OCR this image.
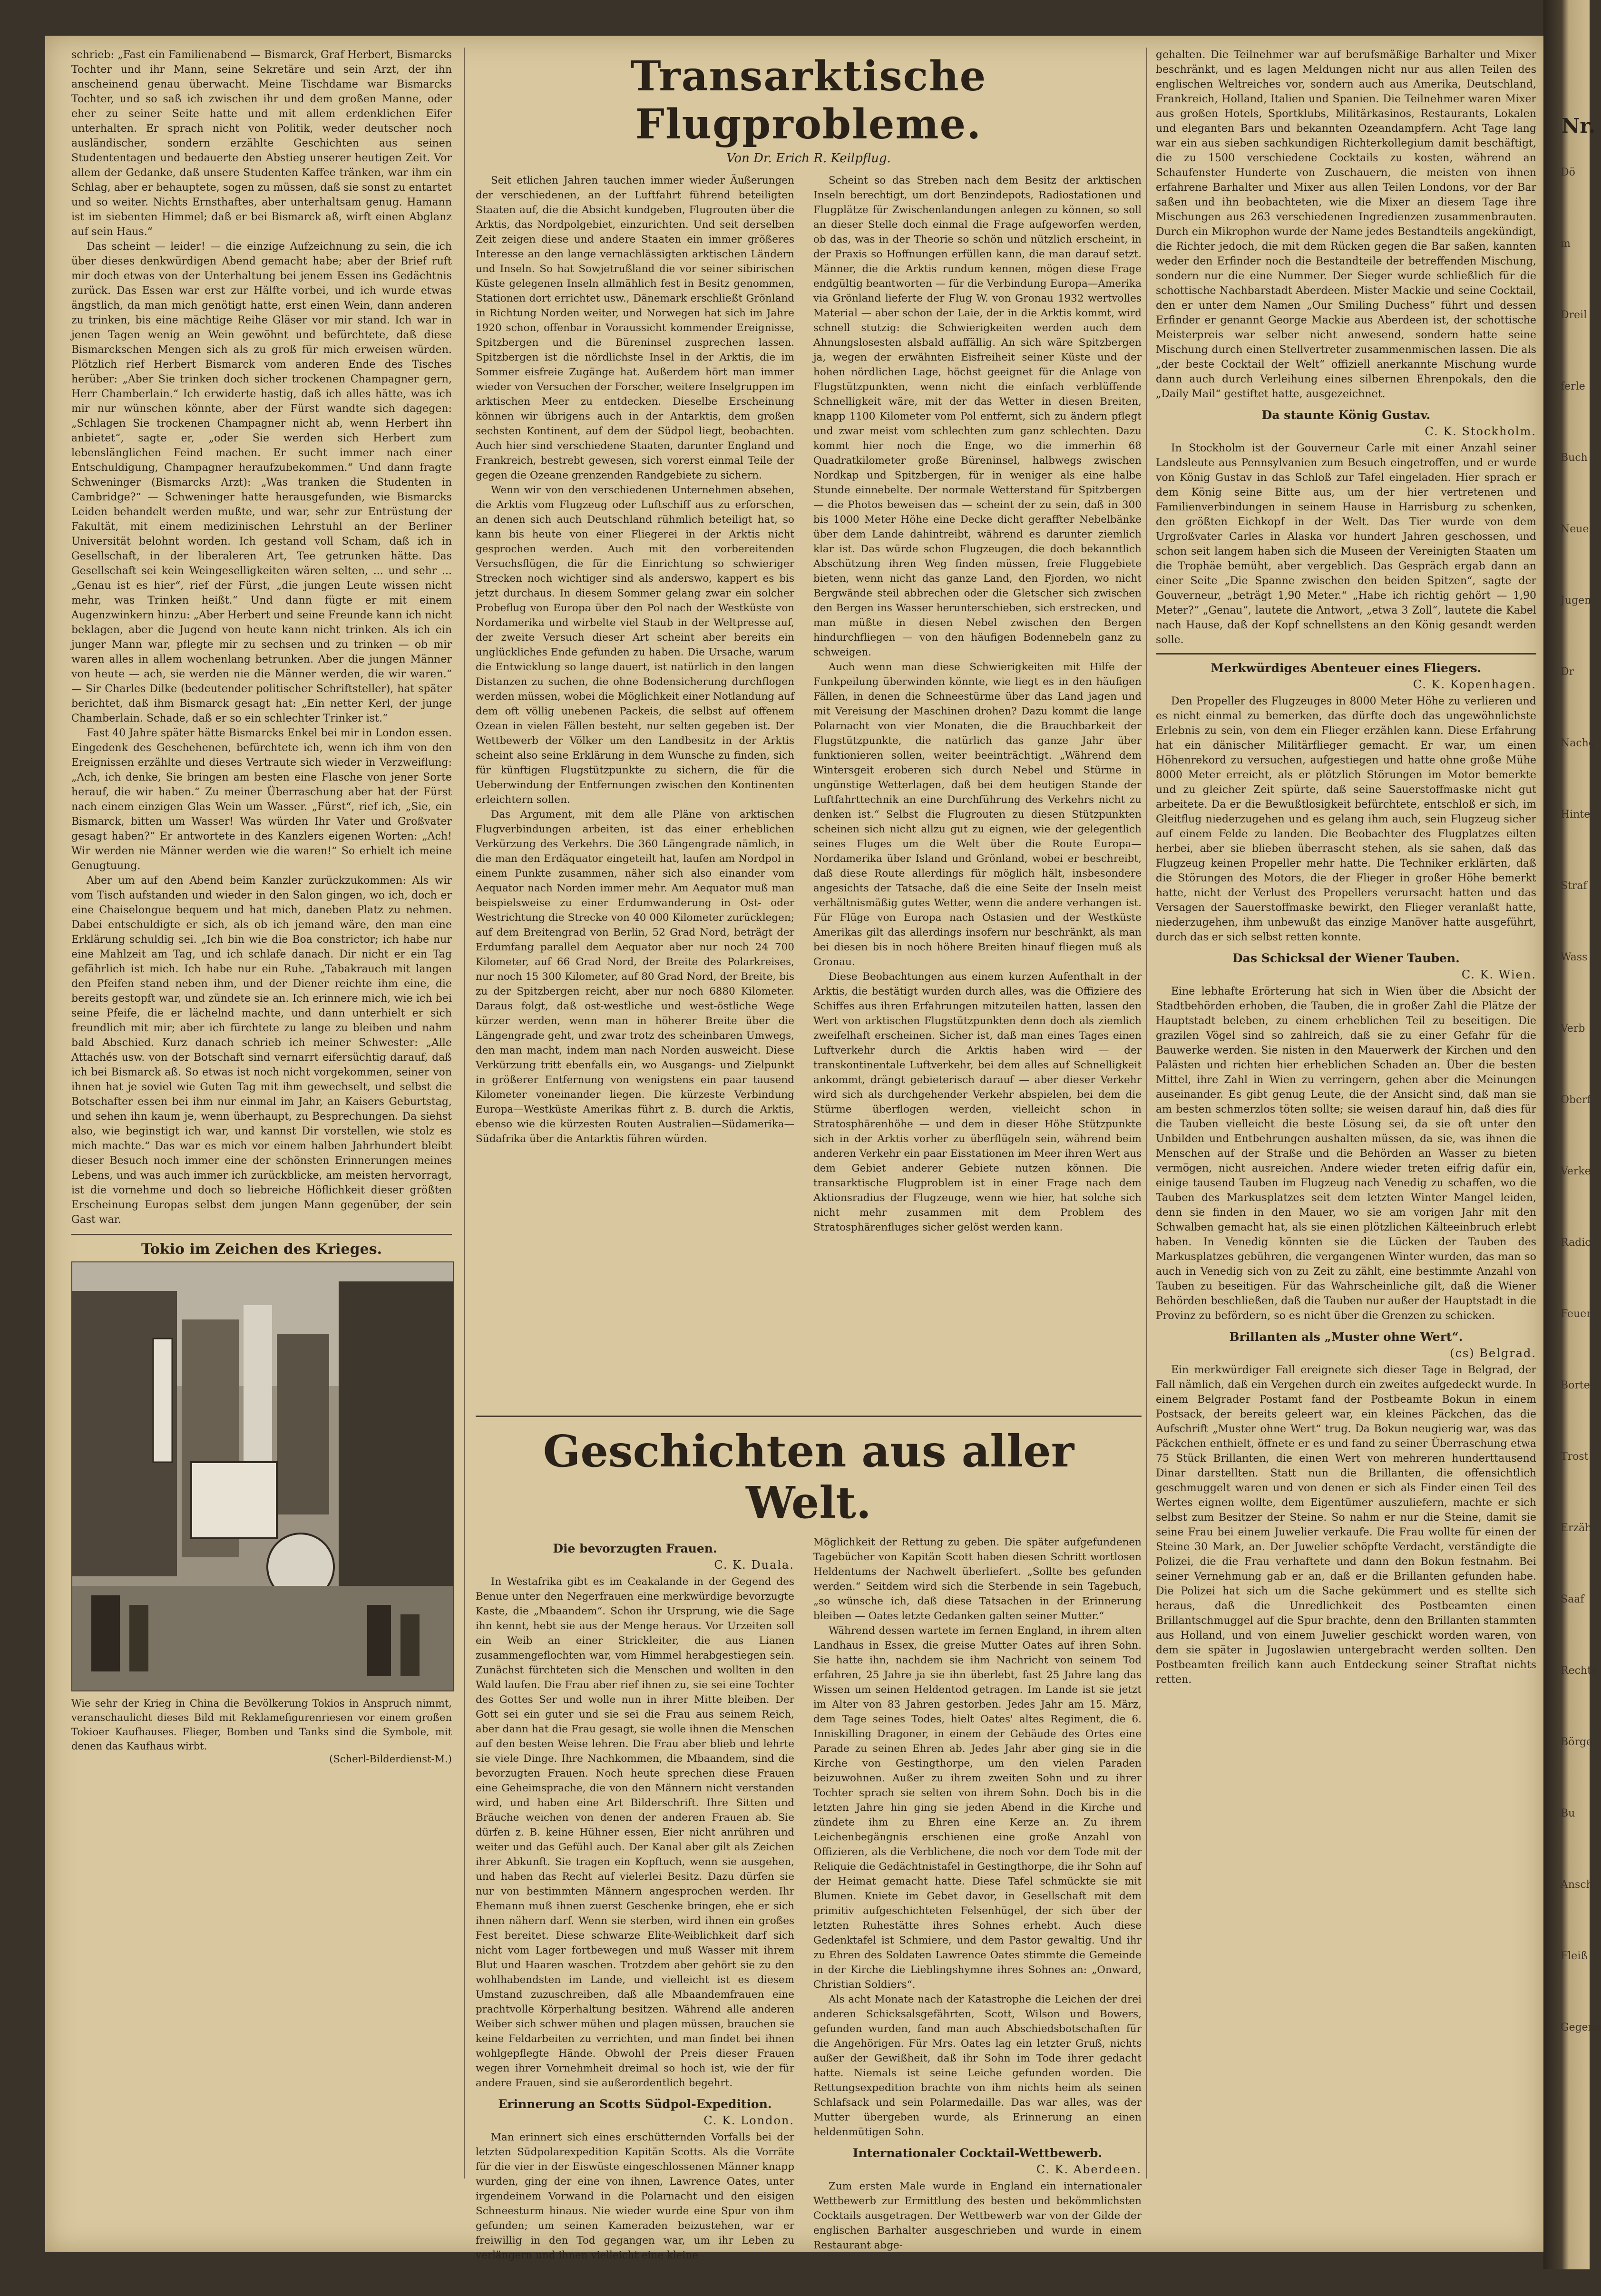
Nr.
Dö
m
Dreil
ferle
Buch
Neue
Jugen
Dr
Nachg
Hinte
Straf
Wass
Verb
Oberf
Verke
Radio
Feuer
Borte
Trost
Erzäh
Saaf
Rechts
Börge
Bu
Ansch
Fleiß
Gegene

schrieb: „Fast ein Familienabend — Bismarck, Graf Herbert, Bismarcks Tochter und ihr Mann, seine Sekretäre und sein Arzt, der ihn anscheinend genau überwacht. Meine Tischdame war Bismarcks Tochter, und so saß ich zwischen ihr und dem großen Manne, oder eher zu seiner Seite hatte und mit allem erdenklichen Eifer unterhalten. Er sprach nicht von Politik, weder deutscher noch ausländischer, sondern erzählte Geschichten aus seinen Studententagen und bedauerte den Abstieg unserer heutigen Zeit. Vor allem der Gedanke, daß unsere Studenten Kaffee tränken, war ihm ein Schlag, aber er behauptete, sogen zu müssen, daß sie sonst zu entartet und so weiter. Nichts Ernsthaftes, aber unterhaltsam genug. Hamann ist im siebenten Himmel; daß er bei Bismarck aß, wirft einen Abglanz auf sein Haus.“

Das scheint — leider! — die einzige Aufzeichnung zu sein, die ich über dieses denkwürdigen Abend gemacht habe; aber der Brief ruft mir doch etwas von der Unterhaltung bei jenem Essen ins Gedächtnis zurück. Das Essen war erst zur Hälfte vorbei, und ich wurde etwas ängstlich, da man mich genötigt hatte, erst einen Wein, dann anderen zu trinken, bis eine mächtige Reihe Gläser vor mir stand. Ich war in jenen Tagen wenig an Wein gewöhnt und befürchtete, daß diese Bismarckschen Mengen sich als zu groß für mich erweisen würden. Plötzlich rief Herbert Bismarck vom anderen Ende des Tisches herüber: „Aber Sie trinken doch sicher trockenen Champagner gern, Herr Chamberlain.“ Ich erwiderte hastig, daß ich alles hätte, was ich mir nur wünschen könnte, aber der Fürst wandte sich dagegen: „Schlagen Sie trockenen Champagner nicht ab, wenn Herbert ihn anbietet“, sagte er, „oder Sie werden sich Herbert zum lebenslänglichen Feind machen. Er sucht immer nach einer Entschuldigung, Champagner heraufzubekommen.“ Und dann fragte Schweninger (Bismarcks Arzt): „Was tranken die Studenten in Cambridge?“ — Schweninger hatte herausgefunden, wie Bismarcks Leiden behandelt werden mußte, und war, sehr zur Entrüstung der Fakultät, mit einem medizinischen Lehrstuhl an der Berliner Universität belohnt worden. Ich gestand voll Scham, daß ich in Gesellschaft, in der liberaleren Art, Tee getrunken hätte. Das Gesellschaft sei kein Weingeselligkeiten wären selten, ... und sehr ... „Genau ist es hier“, rief der Fürst, „die jungen Leute wissen nicht mehr, was Trinken heißt.“ Und dann fügte er mit einem Augenzwinkern hinzu: „Aber Herbert und seine Freunde kann ich nicht beklagen, aber die Jugend von heute kann nicht trinken. Als ich ein junger Mann war, pflegte mir zu sechsen und zu trinken — ob mir waren alles in allem wochenlang betrunken. Aber die jungen Männer von heute — ach, sie werden nie die Männer werden, die wir waren.“ — Sir Charles Dilke (bedeutender politischer Schriftsteller), hat später berichtet, daß ihm Bismarck gesagt hat: „Ein netter Kerl, der junge Chamberlain. Schade, daß er so ein schlechter Trinker ist.“

Fast 40 Jahre später hätte Bismarcks Enkel bei mir in London essen. Eingedenk des Geschehenen, befürchtete ich, wenn ich ihm von den Ereignissen erzählte und dieses Vertraute sich wieder in Verzweiflung: „Ach, ich denke, Sie bringen am besten eine Flasche von jener Sorte herauf, die wir haben.“ Zu meiner Überraschung aber hat der Fürst nach einem einzigen Glas Wein um Wasser. „Fürst“, rief ich, „Sie, ein Bismarck, bitten um Wasser! Was würden Ihr Vater und Großvater gesagt haben?“ Er antwortete in des Kanzlers eigenen Worten: „Ach! Wir werden nie Männer werden wie die waren!“ So erhielt ich meine Genugtuung.

Aber um auf den Abend beim Kanzler zurückzukommen: Als wir vom Tisch aufstanden und wieder in den Salon gingen, wo ich, doch er eine Chaiselongue bequem und hat mich, daneben Platz zu nehmen. Dabei entschuldigte er sich, als ob ich jemand wäre, den man eine Erklärung schuldig sei. „Ich bin wie die Boa constrictor; ich habe nur eine Mahlzeit am Tag, und ich schlafe danach. Dir nicht er ein Tag gefährlich ist mich. Ich habe nur ein Ruhe. „Tabakrauch mit langen den Pfeifen stand neben ihm, und der Diener reichte ihm eine, die bereits gestopft war, und zündete sie an. Ich erinnere mich, wie ich bei seine Pfeife, die er lächelnd machte, und dann unterhielt er sich freundlich mit mir; aber ich fürchtete zu lange zu bleiben und nahm bald Abschied. Kurz danach schrieb ich meiner Schwester: „Alle Attachés usw. von der Botschaft sind vernarrt eifersüchtig darauf, daß ich bei Bismarck aß. So etwas ist noch nicht vorgekommen, seiner von ihnen hat je soviel wie Guten Tag mit ihm gewechselt, und selbst die Botschafter essen bei ihm nur einmal im Jahr, an Kaisers Geburtstag, und sehen ihn kaum je, wenn überhaupt, zu Besprechungen. Da siehst also, wie beginstigt ich war, und kannst Dir vorstellen, wie stolz es mich machte.“ Das war es mich vor einem halben Jahrhundert bleibt dieser Besuch noch immer eine der schönsten Erinnerungen meines Lebens, und was auch immer ich zurückblicke, am meisten hervorragt, ist die vornehme und doch so liebreiche Höflichkeit dieser größten Erscheinung Europas selbst dem jungen Mann gegenüber, der sein Gast war.

Tokio im Zeichen des Krieges.
Wie sehr der Krieg in China die Bevölkerung Tokios in Anspruch nimmt, veranschaulicht dieses Bild mit Reklamefigurenriesen vor einem großen Tokioer Kaufhauses. Flieger, Bomben und Tanks sind die Symbole, mit denen das Kaufhaus wirbt.
(Scherl-Bilderdienst-M.)
Transarktische Flugprobleme.
Von Dr. Erich R. Keilpflug.

Seit etlichen Jahren tauchen immer wieder Äußerungen der verschiedenen, an der Luftfahrt führend beteiligten Staaten auf, die die Absicht kundgeben, Flugrouten über die Arktis, das Nordpolgebiet, einzurichten. Und seit derselben Zeit zeigen diese und andere Staaten ein immer größeres Interesse an den lange vernachlässigten arktischen Ländern und Inseln. So hat Sowjetrußland die vor seiner sibirischen Küste gelegenen Inseln allmählich fest in Besitz genommen, Stationen dort errichtet usw., Dänemark erschließt Grönland in Richtung Norden weiter, und Norwegen hat sich im Jahre 1920 schon, offenbar in Voraussicht kommender Ereignisse, Spitzbergen und die Büreninsel zusprechen lassen. Spitzbergen ist die nördlichste Insel in der Arktis, die im Sommer eisfreie Zugänge hat. Außerdem hört man immer wieder von Versuchen der Forscher, weitere Inselgruppen im arktischen Meer zu entdecken. Dieselbe Erscheinung können wir übrigens auch in der Antarktis, dem großen sechsten Kontinent, auf dem der Südpol liegt, beobachten. Auch hier sind verschiedene Staaten, darunter England und Frankreich, bestrebt gewesen, sich vorerst einmal Teile der gegen die Ozeane grenzenden Randgebiete zu sichern.

Wenn wir von den verschiedenen Unternehmen absehen, die Arktis vom Flugzeug oder Luftschiff aus zu erforschen, an denen sich auch Deutschland rühmlich beteiligt hat, so kann bis heute von einer Fliegerei in der Arktis nicht gesprochen werden. Auch mit den vorbereitenden Versuchsflügen, die für die Einrichtung so schwieriger Strecken noch wichtiger sind als anderswo, kappert es bis jetzt durchaus. In diesem Sommer gelang zwar ein solcher Probeflug von Europa über den Pol nach der Westküste von Nordamerika und wirbelte viel Staub in der Weltpresse auf, der zweite Versuch dieser Art scheint aber bereits ein unglückliches Ende gefunden zu haben. Die Ursache, warum die Entwicklung so lange dauert, ist natürlich in den langen Distanzen zu suchen, die ohne Bodensicherung durchflogen werden müssen, wobei die Möglichkeit einer Notlandung auf dem oft völlig unebenen Packeis, die selbst auf offenem Ozean in vielen Fällen besteht, nur selten gegeben ist. Der Wettbewerb der Völker um den Landbesitz in der Arktis scheint also seine Erklärung in dem Wunsche zu finden, sich für künftigen Flugstützpunkte zu sichern, die für die Ueberwindung der Entfernungen zwischen den Kontinenten erleichtern sollen.

Das Argument, mit dem alle Pläne von arktischen Flugverbindungen arbeiten, ist das einer erheblichen Verkürzung des Verkehrs. Die 360 Längengrade nämlich, in die man den Erdäquator eingeteilt hat, laufen am Nordpol in einem Punkte zusammen, näher sich also einander vom Aequator nach Norden immer mehr. Am Aequator muß man beispielsweise zu einer Erdumwanderung in Ost- oder Westrichtung die Strecke von 40 000 Kilometer zurücklegen; auf dem Breitengrad von Berlin, 52 Grad Nord, beträgt der Erdumfang parallel dem Aequator aber nur noch 24 700 Kilometer, auf 66 Grad Nord, der Breite des Polarkreises, nur noch 15 300 Kilometer, auf 80 Grad Nord, der Breite, bis zu der Spitzbergen reicht, aber nur noch 6880 Kilometer. Daraus folgt, daß ost-westliche und west-östliche Wege kürzer werden, wenn man in höherer Breite über die Längengrade geht, und zwar trotz des scheinbaren Umwegs, den man macht, indem man nach Norden ausweicht. Diese Verkürzung tritt ebenfalls ein, wo Ausgangs- und Zielpunkt in größerer Entfernung von wenigstens ein paar tausend Kilometer voneinander liegen. Die kürzeste Verbindung Europa—Westküste Amerikas führt z. B. durch die Arktis, ebenso wie die kürzesten Routen Australien—Südamerika—Südafrika über die Antarktis führen würden.

Scheint so das Streben nach dem Besitz der arktischen Inseln berechtigt, um dort Benzindepots, Radiostationen und Flugplätze für Zwischenlandungen anlegen zu können, so soll an dieser Stelle doch einmal die Frage aufgeworfen werden, ob das, was in der Theorie so schön und nützlich erscheint, in der Praxis so Hoffnungen erfüllen kann, die man darauf setzt. Männer, die die Arktis rundum kennen, mögen diese Frage endgültig beantworten — für die Verbindung Europa—Amerika via Grönland lieferte der Flug W. von Gronau 1932 wertvolles Material — aber schon der Laie, der in die Arktis kommt, wird schnell stutzig: die Schwierigkeiten werden auch dem Ahnungslosesten alsbald auffällig. An sich wäre Spitzbergen ja, wegen der erwähnten Eisfreiheit seiner Küste und der hohen nördlichen Lage, höchst geeignet für die Anlage von Flugstützpunkten, wenn nicht die einfach verblüffende Schnelligkeit wäre, mit der das Wetter in diesen Breiten, knapp 1100 Kilometer vom Pol entfernt, sich zu ändern pflegt und zwar meist vom schlechten zum ganz schlechten. Dazu kommt hier noch die Enge, wo die immerhin 68 Quadratkilometer große Büreninsel, halbwegs zwischen Nordkap und Spitzbergen, für in weniger als eine halbe Stunde einnebelte. Der normale Wetterstand für Spitzbergen — die Photos beweisen das — scheint der zu sein, daß in 300 bis 1000 Meter Höhe eine Decke dicht geraffter Nebelbänke über dem Lande dahintreibt, während es darunter ziemlich klar ist. Das würde schon Flugzeugen, die doch bekanntlich Abschützung ihren Weg finden müssen, freie Fluggebiete bieten, wenn nicht das ganze Land, den Fjorden, wo nicht Bergwände steil abbrechen oder die Gletscher sich zwischen den Bergen ins Wasser herunterschieben, sich erstrecken, und man müßte in diesen Nebel zwischen den Bergen hindurchfliegen — von den häufigen Bodennebeln ganz zu schweigen.

Auch wenn man diese Schwierigkeiten mit Hilfe der Funkpeilung überwinden könnte, wie liegt es in den häufigen Fällen, in denen die Schneestürme über das Land jagen und mit Vereisung der Maschinen drohen? Dazu kommt die lange Polarnacht von vier Monaten, die die Brauchbarkeit der Flugstützpunkte, die natürlich das ganze Jahr über funktionieren sollen, weiter beeinträchtigt. „Während dem Wintersgeit eroberen sich durch Nebel und Stürme in ungünstige Wetterlagen, daß bei dem heutigen Stande der Luftfahrttechnik an eine Durchführung des Verkehrs nicht zu denken ist.“ Selbst die Flugrouten zu diesen Stützpunkten scheinen sich nicht allzu gut zu eignen, wie der gelegentlich seines Fluges um die Welt über die Route Europa—Nordamerika über Island und Grönland, wobei er beschreibt, daß diese Route allerdings für möglich hält, insbesondere angesichts der Tatsache, daß die eine Seite der Inseln meist verhältnismäßig gutes Wetter, wenn die andere verhangen ist. Für Flüge von Europa nach Ostasien und der Westküste Amerikas gilt das allerdings insofern nur beschränkt, als man bei diesen bis in noch höhere Breiten hinauf fliegen muß als Gronau.

Diese Beobachtungen aus einem kurzen Aufenthalt in der Arktis, die bestätigt wurden durch alles, was die Offiziere des Schiffes aus ihren Erfahrungen mitzuteilen hatten, lassen den Wert von arktischen Flugstützpunkten denn doch als ziemlich zweifelhaft erscheinen. Sicher ist, daß man eines Tages einen Luftverkehr durch die Arktis haben wird — der transkontinentale Luftverkehr, bei dem alles auf Schnelligkeit ankommt, drängt gebieterisch darauf — aber dieser Verkehr wird sich als durchgehender Verkehr abspielen, bei dem die Stürme überflogen werden, vielleicht schon in Stratosphärenhöhe — und dem in dieser Höhe Stützpunkte sich in der Arktis vorher zu überflügeln sein, während beim anderen Verkehr ein paar Eisstationen im Meer ihren Wert aus dem Gebiet anderer Gebiete nutzen können. Die transarktische Flugproblem ist in einer Frage nach dem Aktionsradius der Flugzeuge, wenn wie hier, hat solche sich nicht mehr zusammen mit dem Problem des Stratosphärenfluges sicher gelöst werden kann.

Geschichten aus aller Welt.
Die bevorzugten Frauen.
C. K. Duala.

In Westafrika gibt es im Ceakalande in der Gegend des Benue unter den Negerfrauen eine merkwürdige bevorzugte Kaste, die „Mbaandem“. Schon ihr Ursprung, wie die Sage ihn kennt, hebt sie aus der Menge heraus. Vor Urzeiten soll ein Weib an einer Strickleiter, die aus Lianen zusammengeflochten war, vom Himmel herabgestiegen sein. Zunächst fürchteten sich die Menschen und wollten in den Wald laufen. Die Frau aber rief ihnen zu, sie sei eine Tochter des Gottes Ser und wolle nun in ihrer Mitte bleiben. Der Gott sei ein guter und sie sei die Frau aus seinem Reich, aber dann hat die Frau gesagt, sie wolle ihnen die Menschen auf den besten Weise lehren. Die Frau aber blieb und lehrte sie viele Dinge. Ihre Nachkommen, die Mbaandem, sind die bevorzugten Frauen. Noch heute sprechen diese Frauen eine Geheimsprache, die von den Männern nicht verstanden wird, und haben eine Art Bilderschrift. Ihre Sitten und Bräuche weichen von denen der anderen Frauen ab. Sie dürfen z. B. keine Hühner essen, Eier nicht anrühren und weiter und das Gefühl auch. Der Kanal aber gilt als Zeichen ihrer Abkunft. Sie tragen ein Kopftuch, wenn sie ausgehen, und haben das Recht auf vielerlei Besitz. Dazu dürfen sie nur von bestimmten Männern angesprochen werden. Ihr Ehemann muß ihnen zuerst Geschenke bringen, ehe er sich ihnen nähern darf. Wenn sie sterben, wird ihnen ein großes Fest bereitet. Diese schwarze Elite-Weiblichkeit darf sich nicht vom Lager fortbewegen und muß Wasser mit ihrem Blut und Haaren waschen. Trotzdem aber gehört sie zu den wohlhabendsten im Lande, und vielleicht ist es diesem Umstand zuzuschreiben, daß alle Mbaandemfrauen eine prachtvolle Körperhaltung besitzen. Während alle anderen Weiber sich schwer mühen und plagen müssen, brauchen sie keine Feldarbeiten zu verrichten, und man findet bei ihnen wohlgepflegte Hände. Obwohl der Preis dieser Frauen wegen ihrer Vornehmheit dreimal so hoch ist, wie der für andere Frauen, sind sie außerordentlich begehrt.

Erinnerung an Scotts Südpol-Expedition.
C. K. London.

Man erinnert sich eines erschütternden Vorfalls bei der letzten Südpolarexpedition Kapitän Scotts. Als die Vorräte für die vier in der Eiswüste eingeschlossenen Männer knapp wurden, ging der eine von ihnen, Lawrence Oates, unter irgendeinem Vorwand in die Polarnacht und den eisigen Schneesturm hinaus. Nie wieder wurde eine Spur von ihm gefunden; um seinen Kameraden beizustehen, war er freiwillig in den Tod gegangen war, um ihr Leben zu verlängern und ihnen vielleicht eine kleine

Möglichkeit der Rettung zu geben. Die später aufgefundenen Tagebücher von Kapitän Scott haben diesen Schritt wortlosen Heldentums der Nachwelt überliefert. „Sollte bes gefunden werden.“ Seitdem wird sich die Sterbende in sein Tagebuch, „so wünsche ich, daß diese Tatsachen in der Erinnerung bleiben — Oates letzte Gedanken galten seiner Mutter.“

Während dessen wartete im fernen England, in ihrem alten Landhaus in Essex, die greise Mutter Oates auf ihren Sohn. Sie hatte ihn, nachdem sie ihm Nachricht von seinem Tod erfahren, 25 Jahre ja sie ihn überlebt, fast 25 Jahre lang das Wissen um seinen Heldentod getragen. Im Lande ist sie jetzt im Alter von 83 Jahren gestorben. Jedes Jahr am 15. März, dem Tage seines Todes, hielt Oates' altes Regiment, die 6. Inniskilling Dragoner, in einem der Gebäude des Ortes eine Parade zu seinen Ehren ab. Jedes Jahr aber ging sie in die Kirche von Gestingthorpe, um den vielen Paraden beizuwohnen. Außer zu ihrem zweiten Sohn und zu ihrer Tochter sprach sie selten von ihrem Sohn. Doch bis in die letzten Jahre hin ging sie jeden Abend in die Kirche und zündete ihm zu Ehren eine Kerze an. Zu ihrem Leichenbegängnis erschienen eine große Anzahl von Offizieren, als die Verblichene, die noch vor dem Tode mit der Reliquie die Gedächtnistafel in Gestingthorpe, die ihr Sohn auf der Heimat gemacht hatte. Diese Tafel schmückte sie mit Blumen. Kniete im Gebet davor, in Gesellschaft mit dem primitiv aufgeschichteten Felsenhügel, der sich über der letzten Ruhestätte ihres Sohnes erhebt. Auch diese Gedenktafel ist Schmiere, und dem Pastor gewaltig. Und ihr zu Ehren des Soldaten Lawrence Oates stimmte die Gemeinde in der Kirche die Lieblingshymne ihres Sohnes an: „Onward, Christian Soldiers“.

Als acht Monate nach der Katastrophe die Leichen der drei anderen Schicksalsgefährten, Scott, Wilson und Bowers, gefunden wurden, fand man auch Abschiedsbotschaften für die Angehörigen. Für Mrs. Oates lag ein letzter Gruß, nichts außer der Gewißheit, daß ihr Sohn im Tode ihrer gedacht hatte. Niemals ist seine Leiche gefunden worden. Die Rettungsexpedition brachte von ihm nichts heim als seinen Schlafsack und sein Polarmedaille. Das war alles, was der Mutter übergeben wurde, als Erinnerung an einen heldenmütigen Sohn.

Internationaler Cocktail-Wettbewerb.
C. K. Aberdeen.

Zum ersten Male wurde in England ein internationaler Wettbewerb zur Ermittlung des besten und bekömmlichsten Cocktails ausgetragen. Der Wettbewerb war von der Gilde der englischen Barhalter ausgeschrieben und wurde in einem Restaurant abge-

gehalten. Die Teilnehmer war auf berufsmäßige Barhalter und Mixer beschränkt, und es lagen Meldungen nicht nur aus allen Teilen des englischen Weltreiches vor, sondern auch aus Amerika, Deutschland, Frankreich, Holland, Italien und Spanien. Die Teilnehmer waren Mixer aus großen Hotels, Sportklubs, Militärkasinos, Restaurants, Lokalen und eleganten Bars und bekannten Ozeandampfern. Acht Tage lang war ein aus sieben sachkundigen Richterkollegium damit beschäftigt, die zu 1500 verschiedene Cocktails zu kosten, während an Schaufenster Hunderte von Zuschauern, die meisten von ihnen erfahrene Barhalter und Mixer aus allen Teilen Londons, vor der Bar saßen und ihn beobachteten, wie die Mixer an diesem Tage ihre Mischungen aus 263 verschiedenen Ingredienzen zusammenbrauten. Durch ein Mikrophon wurde der Name jedes Bestandteils angekündigt, die Richter jedoch, die mit dem Rücken gegen die Bar saßen, kannten weder den Erfinder noch die Bestandteile der betreffenden Mischung, sondern nur die eine Nummer. Der Sieger wurde schließlich für die schottische Nachbarstadt Aberdeen. Mister Mackie und seine Cocktail, den er unter dem Namen „Our Smiling Duchess“ führt und dessen Erfinder er genannt George Mackie aus Aberdeen ist, der schottische Meisterpreis war selber nicht anwesend, sondern hatte seine Mischung durch einen Stellvertreter zusammenmischen lassen. Die als „der beste Cocktail der Welt“ offiziell anerkannte Mischung wurde dann auch durch Verleihung eines silbernen Ehrenpokals, den die „Daily Mail“ gestiftet hatte, ausgezeichnet.

Da staunte König Gustav.
C. K. Stockholm.

In Stockholm ist der Gouverneur Carle mit einer Anzahl seiner Landsleute aus Pennsylvanien zum Besuch eingetroffen, und er wurde von König Gustav in das Schloß zur Tafel eingeladen. Hier sprach er dem König seine Bitte aus, um der hier vertretenen und Familienverbindungen in seinem Hause in Harrisburg zu schenken, den größten Eichkopf in der Welt. Das Tier wurde von dem Urgroßvater Carles in Alaska vor hundert Jahren geschossen, und schon seit langem haben sich die Museen der Vereinigten Staaten um die Trophäe bemüht, aber vergeblich. Das Gespräch ergab dann an einer Seite „Die Spanne zwischen den beiden Spitzen“, sagte der Gouverneur, „beträgt 1,90 Meter.“ „Habe ich richtig gehört — 1,90 Meter?“ „Genau“, lautete die Antwort, „etwa 3 Zoll“, lautete die Kabel nach Hause, daß der Kopf schnellstens an den König gesandt werden solle.

Merkwürdiges Abenteuer eines Fliegers.
C. K. Kopenhagen.

Den Propeller des Flugzeuges in 8000 Meter Höhe zu verlieren und es nicht einmal zu bemerken, das dürfte doch das ungewöhnlichste Erlebnis zu sein, von dem ein Flieger erzählen kann. Diese Erfahrung hat ein dänischer Militärflieger gemacht. Er war, um einen Höhenrekord zu versuchen, aufgestiegen und hatte ohne große Mühe 8000 Meter erreicht, als er plötzlich Störungen im Motor bemerkte und zu gleicher Zeit spürte, daß seine Sauerstoffmaske nicht gut arbeitete. Da er die Bewußtlosigkeit befürchtete, entschloß er sich, im Gleitflug niederzugehen und es gelang ihm auch, sein Flugzeug sicher auf einem Felde zu landen. Die Beobachter des Flugplatzes eilten herbei, aber sie blieben überrascht stehen, als sie sahen, daß das Flugzeug keinen Propeller mehr hatte. Die Techniker erklärten, daß die Störungen des Motors, die der Flieger in großer Höhe bemerkt hatte, nicht der Verlust des Propellers verursacht hatten und das Versagen der Sauerstoffmaske bewirkt, den Flieger veranlaßt hatte, niederzugehen, ihm unbewußt das einzige Manöver hatte ausgeführt, durch das er sich selbst retten konnte.

Das Schicksal der Wiener Tauben.
C. K. Wien.

Eine lebhafte Erörterung hat sich in Wien über die Absicht der Stadtbehörden erhoben, die Tauben, die in großer Zahl die Plätze der Hauptstadt beleben, zu einem erheblichen Teil zu beseitigen. Die grazilen Vögel sind so zahlreich, daß sie zu einer Gefahr für die Bauwerke werden. Sie nisten in den Mauerwerk der Kirchen und den Palästen und richten hier erheblichen Schaden an. Über die besten Mittel, ihre Zahl in Wien zu verringern, gehen aber die Meinungen auseinander. Es gibt genug Leute, die der Ansicht sind, daß man sie am besten schmerzlos töten sollte; sie weisen darauf hin, daß dies für die Tauben vielleicht die beste Lösung sei, da sie oft unter den Unbilden und Entbehrungen aushalten müssen, da sie, was ihnen die Menschen auf der Straße und die Behörden an Wasser zu bieten vermögen, nicht ausreichen. Andere wieder treten eifrig dafür ein, einige tausend Tauben im Flugzeug nach Venedig zu schaffen, wo die Tauben des Markusplatzes seit dem letzten Winter Mangel leiden, denn sie finden in den Mauer, wo sie am vorigen Jahr mit den Schwalben gemacht hat, als sie einen plötzlichen Kälteeinbruch erlebt haben. In Venedig könnten sie die Lücken der Tauben des Markusplatzes gebühren, die vergangenen Winter wurden, das man so auch in Venedig sich von zu Zeit zu zählt, eine bestimmte Anzahl von Tauben zu beseitigen. Für das Wahrscheinliche gilt, daß die Wiener Behörden beschließen, daß die Tauben nur außer der Hauptstadt in die Provinz zu befördern, so es nicht über die Grenzen zu schicken.

Brillanten als „Muster ohne Wert“.
(cs) Belgrad.

Ein merkwürdiger Fall ereignete sich dieser Tage in Belgrad, der Fall nämlich, daß ein Vergehen durch ein zweites aufgedeckt wurde. In einem Belgrader Postamt fand der Postbeamte Bokun in einem Postsack, der bereits geleert war, ein kleines Päckchen, das die Aufschrift „Muster ohne Wert“ trug. Da Bokun neugierig war, was das Päckchen enthielt, öffnete er es und fand zu seiner Überraschung etwa 75 Stück Brillanten, die einen Wert von mehreren hunderttausend Dinar darstellten. Statt nun die Brillanten, die offensichtlich geschmuggelt waren und von denen er sich als Finder einen Teil des Wertes eignen wollte, dem Eigentümer auszuliefern, machte er sich selbst zum Besitzer der Steine. So nahm er nur die Steine, damit sie seine Frau bei einem Juwelier verkaufe. Die Frau wollte für einen der Steine 30 Mark, an. Der Juwelier schöpfte Verdacht, verständigte die Polizei, die die Frau verhaftete und dann den Bokun festnahm. Bei seiner Vernehmung gab er an, daß er die Brillanten gefunden habe. Die Polizei hat sich um die Sache gekümmert und es stellte sich heraus, daß die Unredlichkeit des Postbeamten einen Brillantschmuggel auf die Spur brachte, denn den Brillanten stammten aus Holland, und von einem Juwelier geschickt worden waren, von dem sie später in Jugoslawien untergebracht werden sollten. Den Postbeamten freilich kann auch Entdeckung seiner Straftat nichts retten.
